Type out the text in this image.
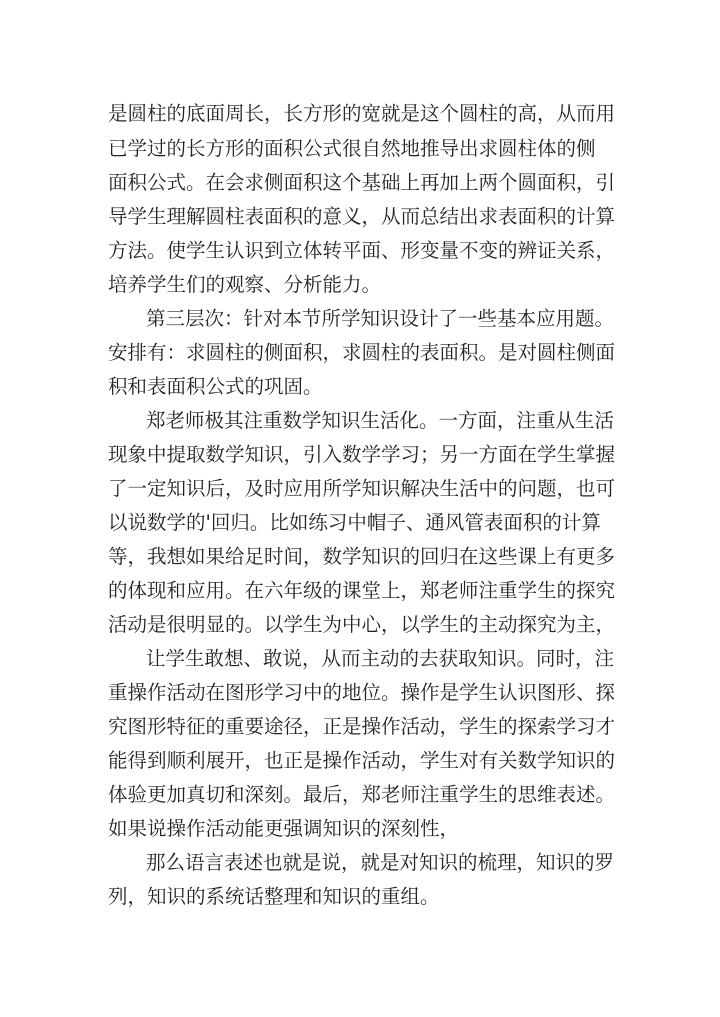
是圆柱的底面周长，长方形的宽就是这个圆柱的高，从而用
已学过的长方形的面积公式很自然地推导出求圆柱体的侧
面积公式。在会求侧面积这个基础上再加上两个圆面积，引
导学生理解圆柱表面积的意义，从而总结出求表面积的计算
方法。使学生认识到立体转平面、形变量不变的辨证关系，
培养学生们的观察、分析能力。
第三层次：针对本节所学知识设计了一些基本应用题。
安排有：求圆柱的侧面积，求圆柱的表面积。是对圆柱侧面
积和表面积公式的巩固。
郑老师极其注重数学知识生活化。一方面，注重从生活
现象中提取数学知识，引入数学学习；另一方面在学生掌握
了一定知识后，及时应用所学知识解决生活中的问题，也可
以说数学的'回归。比如练习中帽子、通风管表面积的计算
等，我想如果给足时间，数学知识的回归在这些课上有更多
的体现和应用。在六年级的课堂上，郑老师注重学生的探究
活动是很明显的。以学生为中心，以学生的主动探究为主，
让学生敢想、敢说，从而主动的去获取知识。同时，注
重操作活动在图形学习中的地位。操作是学生认识图形、探
究图形特征的重要途径，正是操作活动，学生的探索学习才
能得到顺利展开，也正是操作活动，学生对有关数学知识的
体验更加真切和深刻。最后，郑老师注重学生的思维表述。
如果说操作活动能更强调知识的深刻性，
那么语言表述也就是说，就是对知识的梳理，知识的罗
列，知识的系统话整理和知识的重组。
